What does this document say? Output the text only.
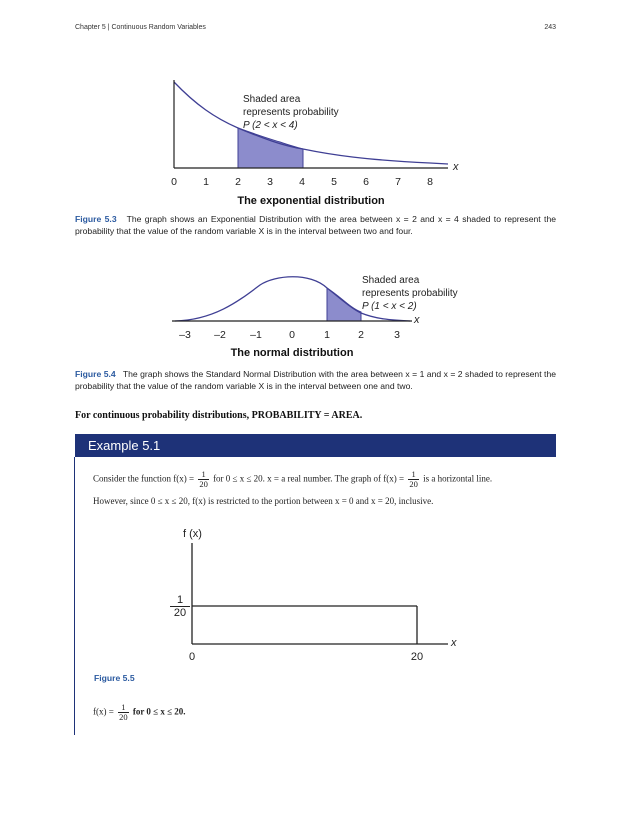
Chapter 5 | Continuous Random Variables	243
Shaded area
represents probability
P (2 < x < 4)
x
0 1 2 3 4 5 6 7 8
The exponential distribution
Figure 5.3 The graph shows an Exponential Distribution with the area between x = 2 and x = 4 shaded to represent the probability that the value of the random variable X is in the interval between two and four.
Shaded area
represents probability
P (1 < x < 2)
x
–3 –2 –1	0	1	2	3
The normal distribution
Figure 5.4 The graph shows the Standard Normal Distribution with the area between x = 1 and x = 2 shaded to represent the probability that the value of the random variable X is in the interval between one and two.
For continuous probability distributions, PROBABILITY = AREA.
Example 5.1
Consider the function $f(x) = \frac{1}{20}$ for 0 ≤ x ≤ 20. x = a real number. The graph of $f(x) = \frac{1}{20}$ is a horizontal line.
However, since 0 ≤ x ≤ 20, f(x) is restricted to the portion between x = 0 and x = 20, inclusive.
f (x)
x
1
20
0	20
Figure 5.5
$f(x) = \frac{1}{20}$ for 0 ≤ x ≤ 20.
